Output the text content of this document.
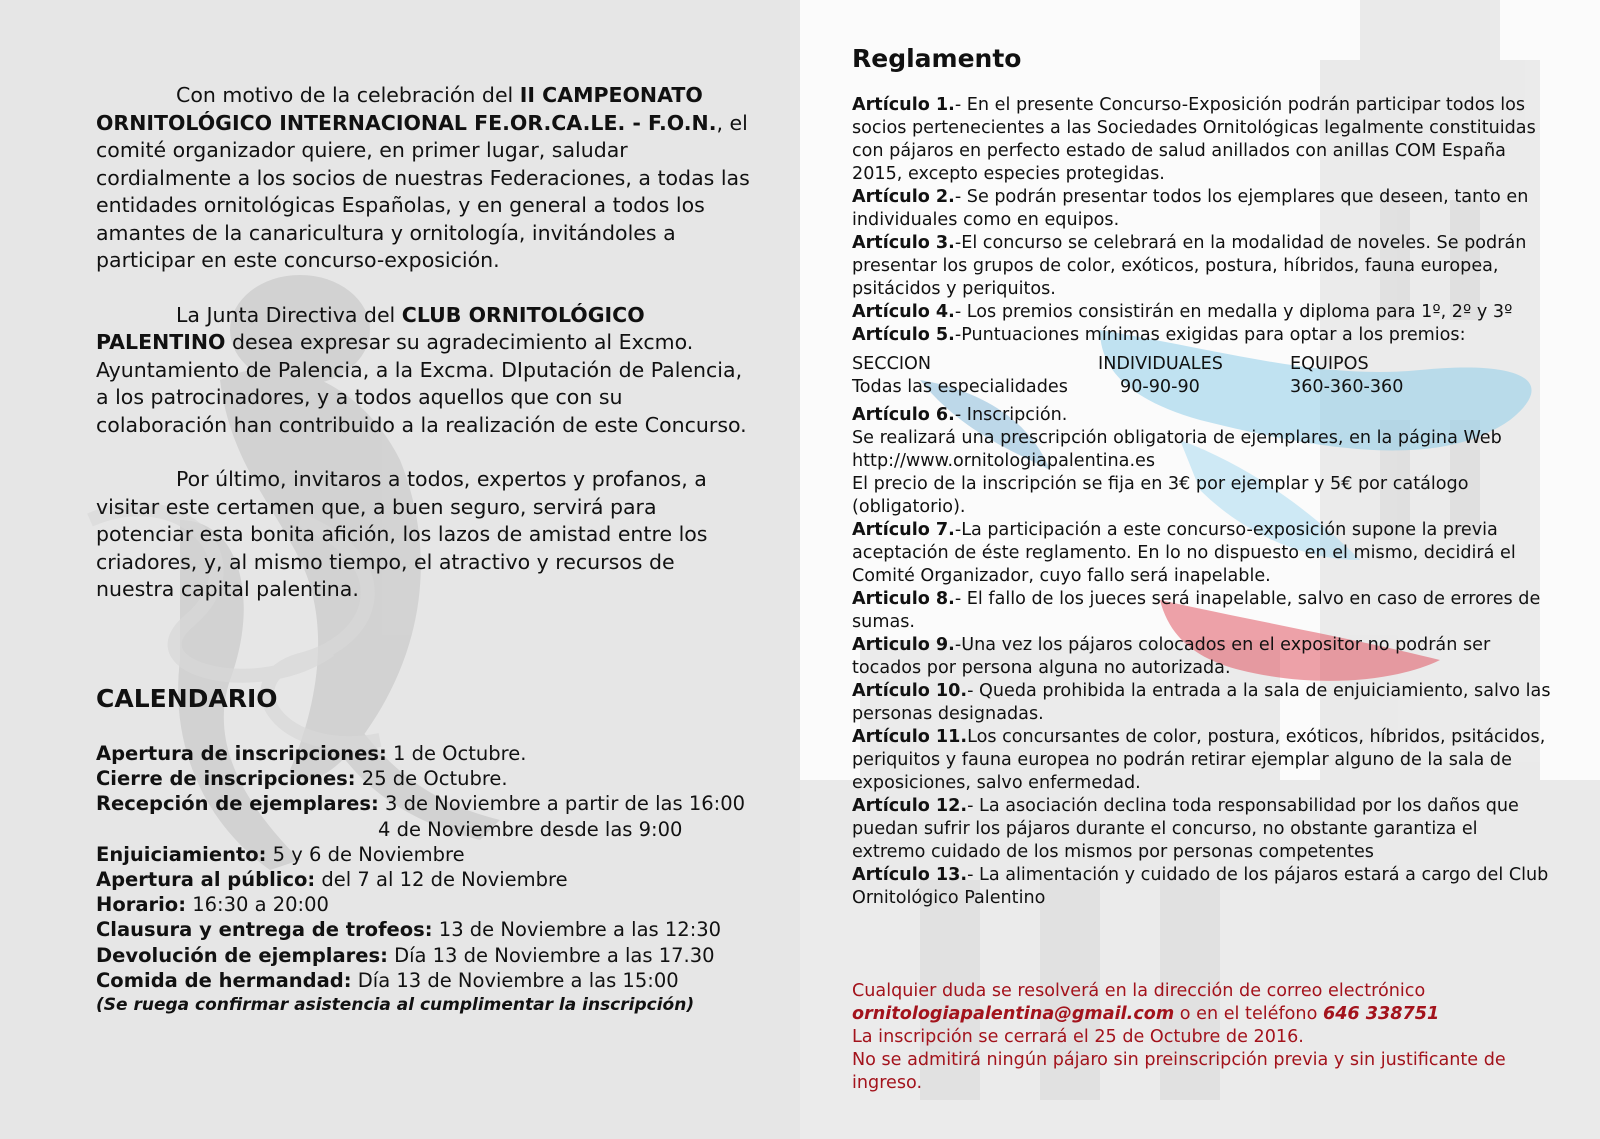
Con motivo de la celebración del II CAMPEONATO ORNITOLÓGICO INTERNACIONAL FE.OR.CA.LE. - F.O.N., el comité organizador quiere, en primer lugar, saludar cordialmente a los socios de nuestras Federaciones, a todas las entidades ornitológicas Españolas, y en general a todos los amantes de la canaricultura y ornitología, invitándoles a participar en este concurso-exposición.

La Junta Directiva del CLUB ORNITOLÓGICO PALENTINO desea expresar su agradecimiento al Excmo. Ayuntamiento de Palencia, a la Excma. DIputación de Palencia, a los patrocinadores, y a todos aquellos que con su colaboración han contribuido a la realización de este Concurso.

Por último, invitaros a todos, expertos y profanos, a visitar este certamen que, a buen seguro, servirá para potenciar esta bonita afición, los lazos de amistad entre los criadores, y, al mismo tiempo, el atractivo y recursos de nuestra capital palentina.

CALENDARIO

Apertura de inscripciones: 1 de Octubre.

Cierre de inscripciones: 25 de Octubre.

Recepción de ejemplares: 3 de Noviembre a partir de las 16:00

4 de Noviembre desde las 9:00

Enjuiciamiento: 5 y 6 de Noviembre

Apertura al público: del 7 al 12 de Noviembre

Horario: 16:30 a 20:00

Clausura y entrega de trofeos: 13 de Noviembre a las 12:30

Devolución de ejemplares: Día 13 de Noviembre a las 17.30

Comida de hermandad: Día 13 de Noviembre a las 15:00

(Se ruega confirmar asistencia al cumplimentar la inscripción)

Reglamento

Artículo 1.- En el presente Concurso-Exposición podrán participar todos los socios pertenecientes a las Sociedades Ornitológicas legalmente constituidas con pájaros en perfecto estado de salud anillados con anillas COM España 2015, excepto especies protegidas.

Artículo 2.- Se podrán presentar todos los ejemplares que deseen, tanto en individuales como en equipos.

Artículo 3.-El concurso se celebrará en la modalidad de noveles. Se podrán presentar los grupos de color, exóticos, postura, híbridos, fauna europea, psitácidos y periquitos.

Artículo 4.- Los premios consistirán en medalla y diploma para 1º, 2º y 3º

Artículo 5.-Puntuaciones mínimas exigidas para optar a los premios:

SECCION	INDIVIDUALES	EQUIPOS
Todas las especialidades	90-90-90	360-360-360

Artículo 6.- Inscripción.

Se realizará una prescripción obligatoria de ejemplares, en la página Web http://www.ornitologiapalentina.es

El precio de la inscripción se fija en 3€ por ejemplar y 5€ por catálogo (obligatorio).

Artículo 7.-La participación a este concurso-exposición supone la previa aceptación de éste reglamento. En lo no dispuesto en el mismo, decidirá el Comité Organizador, cuyo fallo será inapelable.

Articulo 8.- El fallo de los jueces será inapelable, salvo en caso de errores de sumas.

Articulo 9.-Una vez los pájaros colocados en el expositor no podrán ser tocados por persona alguna no autorizada.

Artículo 10.- Queda prohibida la entrada a la sala de enjuiciamiento, salvo las personas designadas.

Artículo 11.Los concursantes de color, postura, exóticos, híbridos, psitácidos, periquitos y fauna europea no podrán retirar ejemplar alguno de la sala de exposiciones, salvo enfermedad.

Artículo 12.- La asociación declina toda responsabilidad por los daños que puedan sufrir los pájaros durante el concurso, no obstante garantiza el extremo cuidado de los mismos por personas competentes

Artículo 13.- La alimentación y cuidado de los pájaros estará a cargo del Club Ornitológico Palentino

Cualquier duda se resolverá en la dirección de correo electrónico

ornitologiapalentina@gmail.com o en el teléfono 646 338751

La inscripción se cerrará el 25 de Octubre de 2016.

No se admitirá ningún pájaro sin preinscripción previa y sin justificante de ingreso.
